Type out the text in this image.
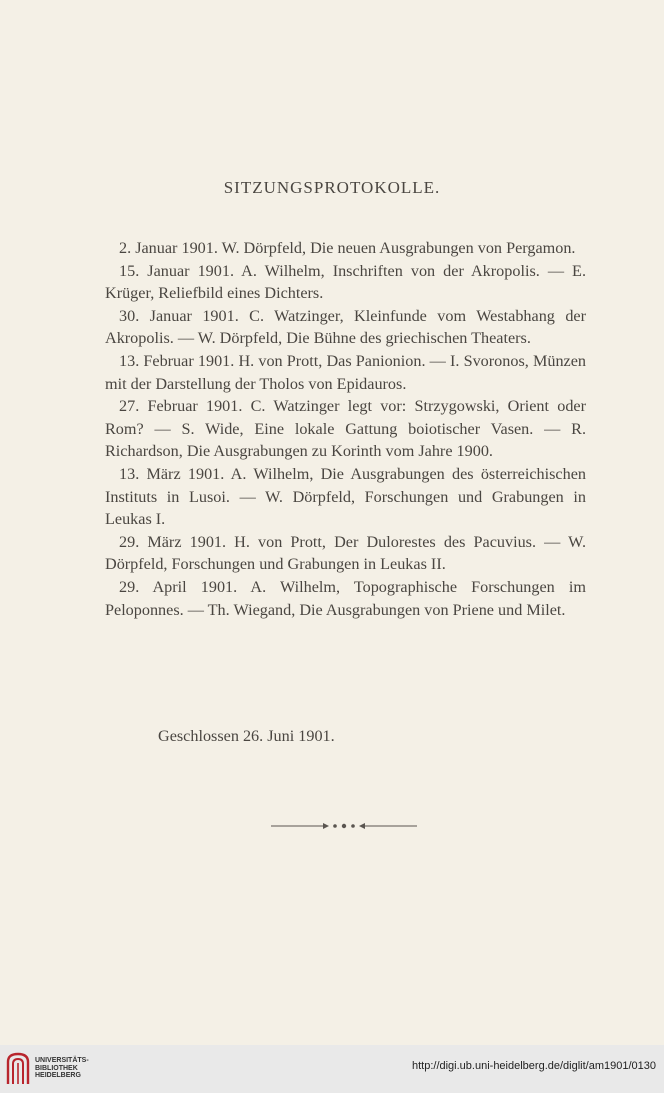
SITZUNGSPROTOKOLLE.

2. Januar 1901. W. Dörpfeld, Die neuen Ausgrabungen von Pergamon.

15. Januar 1901. A. Wilhelm, Inschriften von der Akropolis. — E. Krüger, Reliefbild eines Dichters.

30. Januar 1901. C. Watzinger, Kleinfunde vom Westabhang der Akropolis. — W. Dörpfeld, Die Bühne des griechischen Theaters.

13. Februar 1901. H. von Prott, Das Panionion. — I. Svoronos, Münzen mit der Darstellung der Tholos von Epidauros.

27. Februar 1901. C. Watzinger legt vor: Strzygowski, Orient oder Rom? — S. Wide, Eine lokale Gattung boiotischer Vasen. — R. Richardson, Die Ausgrabungen zu Korinth vom Jahre 1900.

13. März 1901. A. Wilhelm, Die Ausgrabungen des österreichischen Instituts in Lusoi. — W. Dörpfeld, Forschungen und Grabungen in Leukas I.

29. März 1901. H. von Prott, Der Dulorestes des Pacuvius. — W. Dörpfeld, Forschungen und Grabungen in Leukas II.

29. April 1901. A. Wilhelm, Topographische Forschungen im Peloponnes. — Th. Wiegand, Die Ausgrabungen von Priene und Milet.

Geschlossen 26. Juni 1901.
UNIVERSITÄTS-
BIBLIOTHEK
HEIDELBERG
http://digi.ub.uni-heidelberg.de/diglit/am1901/0130
